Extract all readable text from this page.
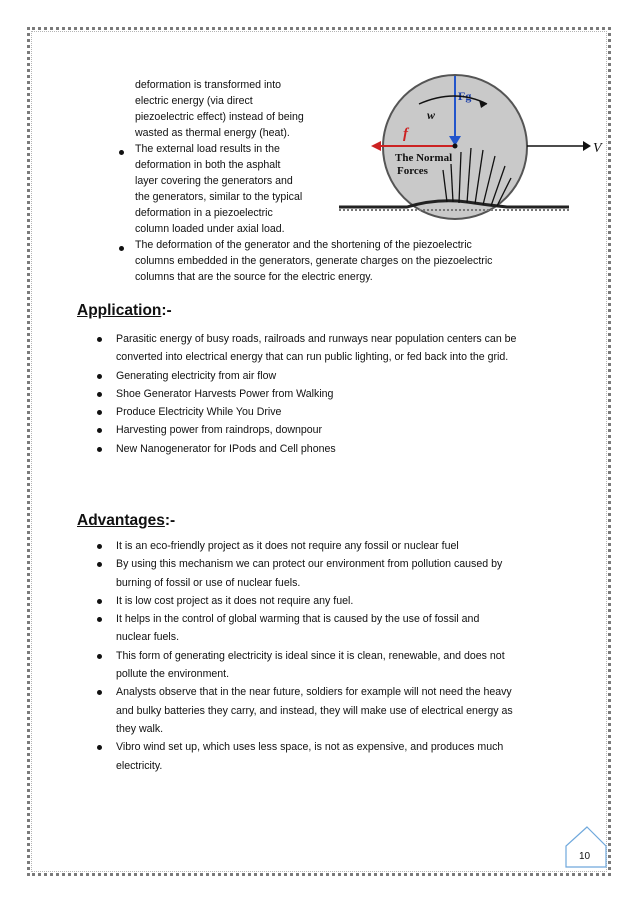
deformation is transformed into
electric energy (via direct
piezoelectric effect) instead of being
wasted as thermal energy (heat).
The external load results in the
deformation in both the asphalt
layer covering the generators and
the generators, similar to the typical
deformation in a piezoelectric
column loaded under axial load.
The deformation of the generator and the shortening of the piezoelectric
columns embedded in the generators, generate charges on the piezoelectric
columns that are the source for the electric energy.
Fg
w
f
V
The Normal
Forces
Application:-
Parasitic energy of busy roads, railroads and runways near population centers can be
converted into electrical energy that can run public lighting, or fed back into the grid.
Generating electricity from air flow
Shoe Generator Harvests Power from Walking
Produce Electricity While You Drive
Harvesting power from raindrops, downpour
New Nanogenerator for IPods and Cell phones
Advantages:-
It is an eco-friendly project as it does not require any fossil or nuclear fuel
By using this mechanism we can protect our environment from pollution caused by
burning of fossil or use of nuclear fuels.
It is low cost project as it does not require any fuel.
It helps in the control of global warming that is caused by the use of fossil and
nuclear fuels.
This form of generating electricity is ideal since it is clean, renewable, and does not
pollute the environment.
Analysts observe that in the near future, soldiers for example will not need the heavy
and bulky batteries they carry, and instead, they will make use of electrical energy as
they walk.
Vibro wind set up, which uses less space, is not as expensive, and produces much
electricity.
10
